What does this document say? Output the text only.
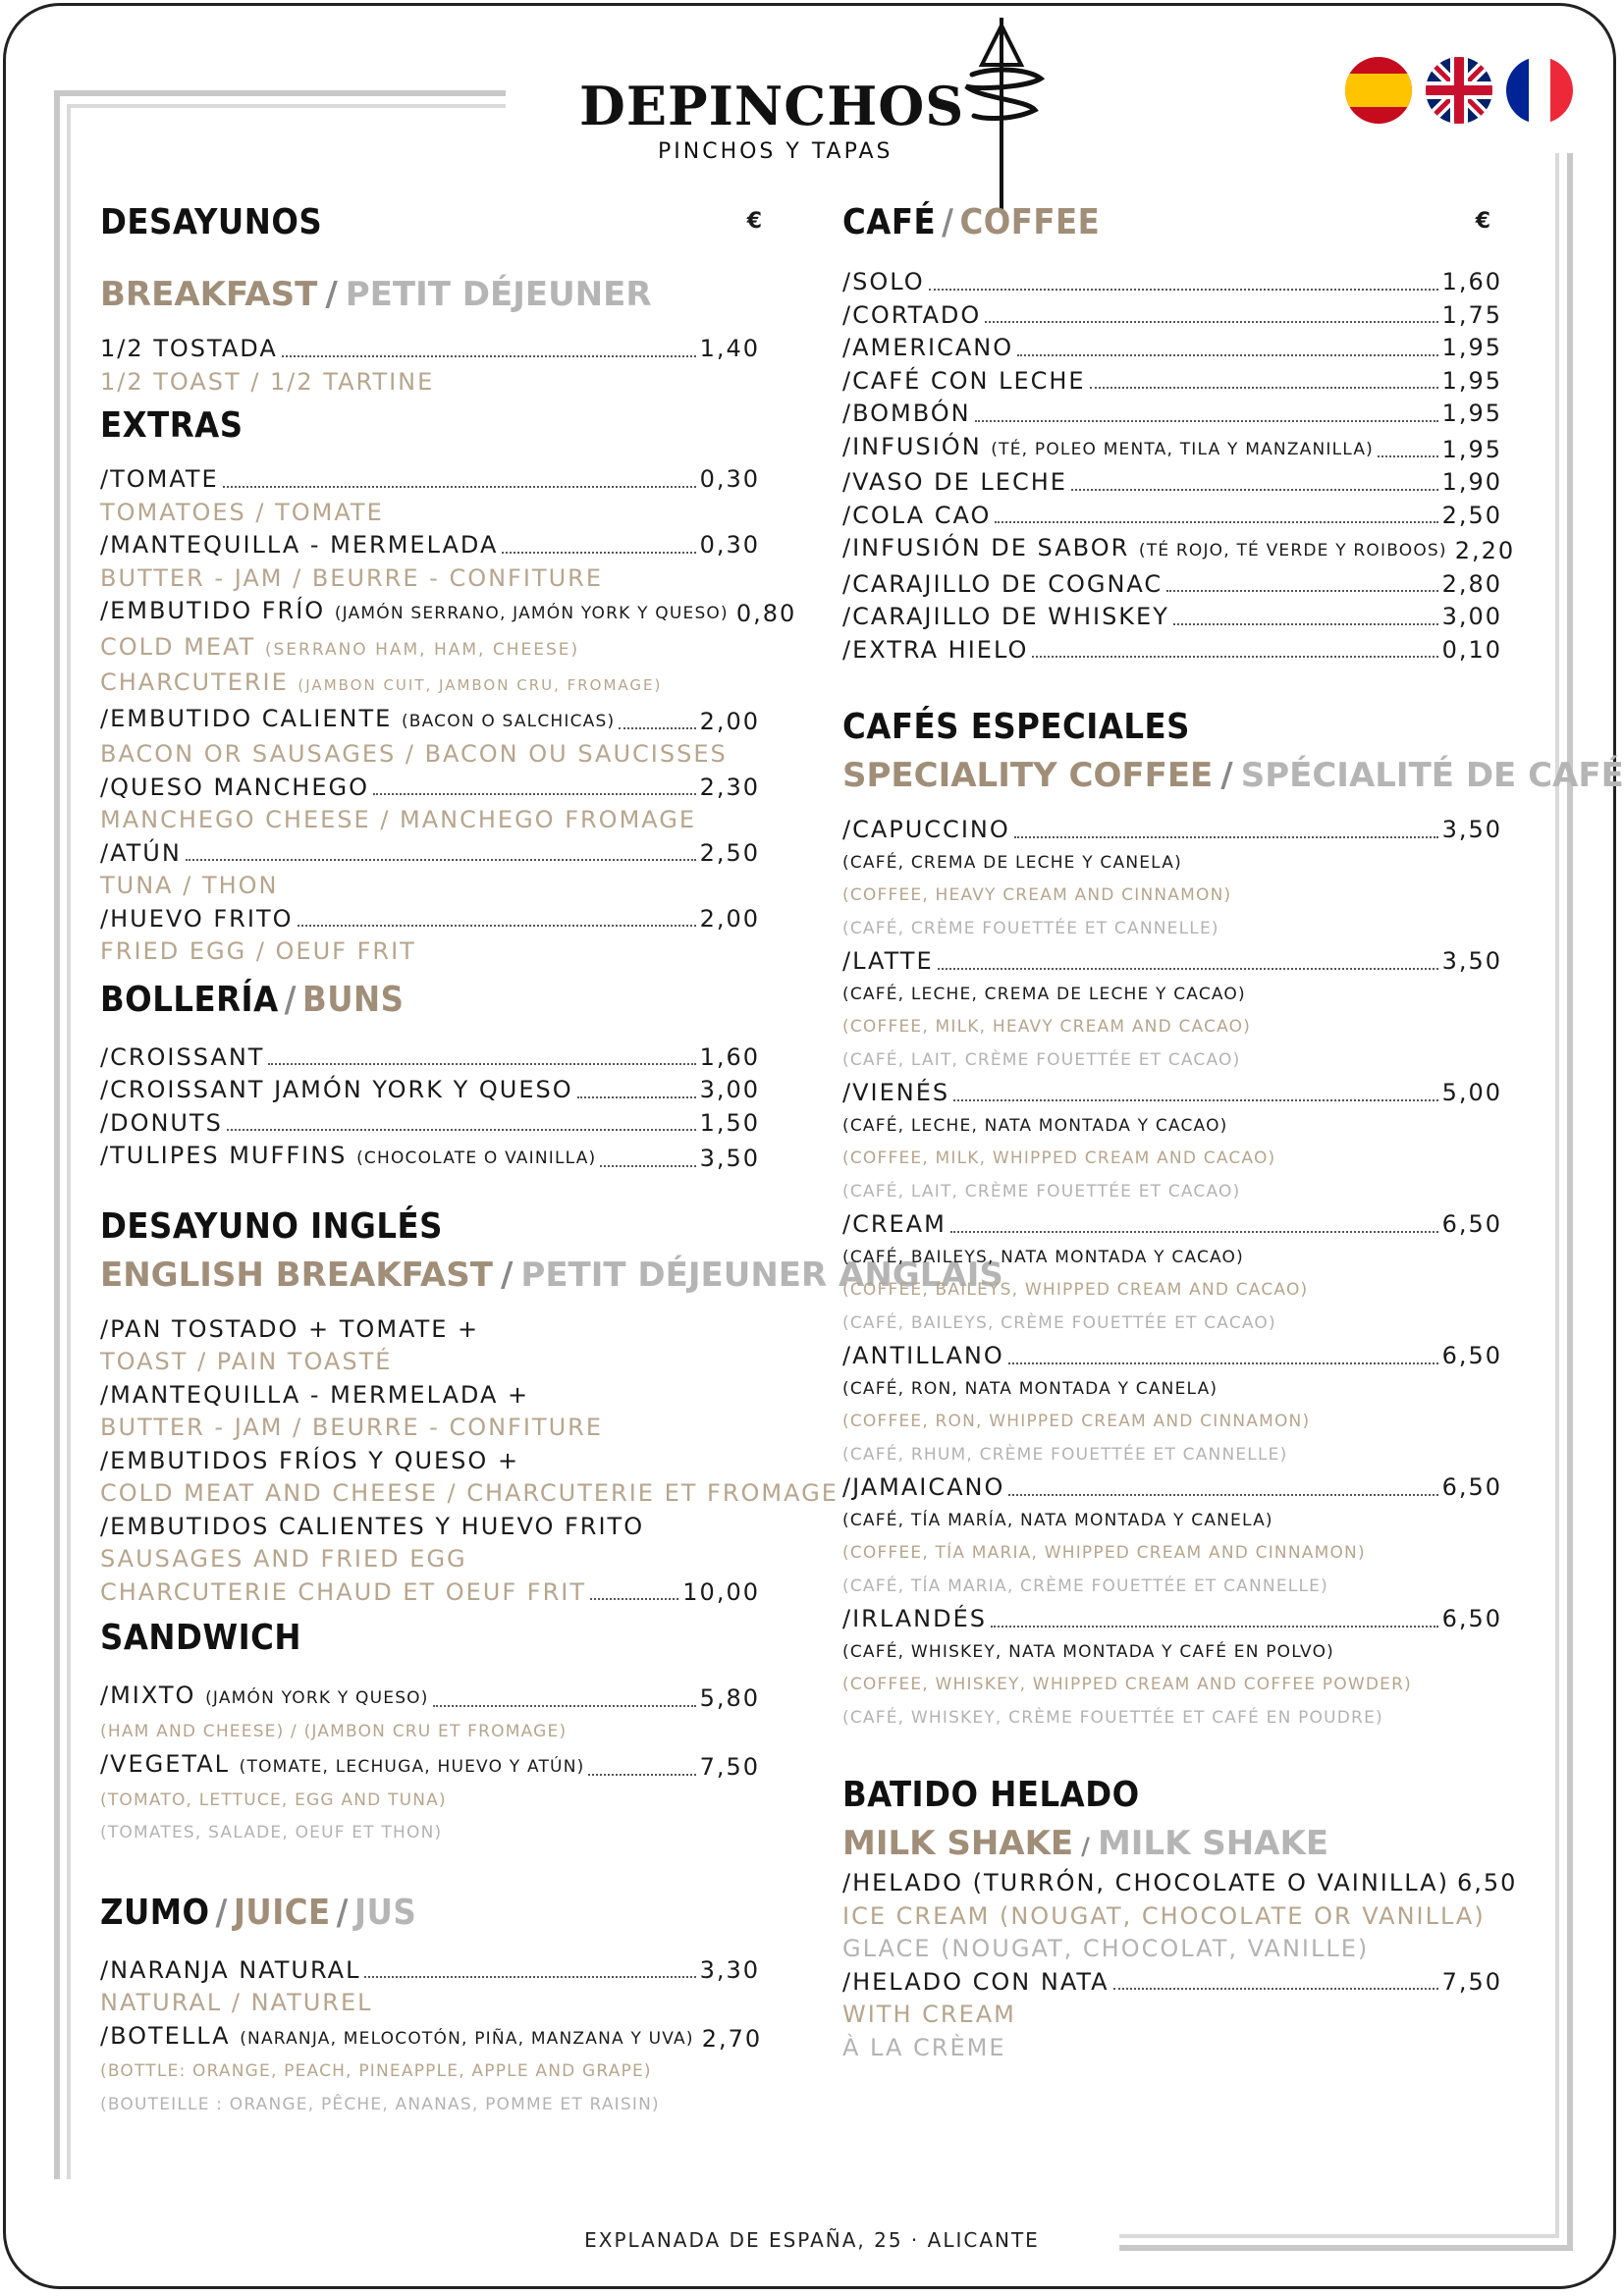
DEPINCHOS
PINCHOS Y TAPAS
DESAYUNOS	€
BREAKFAST / PETIT DÉJEUNER
1/2 TOSTADA	1,40
1/2 TOAST / 1/2 TARTINE
EXTRAS
/TOMATE	0,30
TOMATOES / TOMATE
/MANTEQUILLA - MERMELADA	0,30
BUTTER - JAM / BEURRE - CONFITURE
/EMBUTIDO FRÍO (JAMÓN SERRANO, JAMÓN YORK Y QUESO) 0,80
COLD MEAT (SERRANO HAM, HAM, CHEESE)
CHARCUTERIE (JAMBON CUIT, JAMBON CRU, FROMAGE)
/EMBUTIDO CALIENTE (BACON O SALCHICAS)	2,00
BACON OR SAUSAGES / BACON OU SAUCISSES
/QUESO MANCHEGO	2,30
MANCHEGO CHEESE / MANCHEGO FROMAGE
/ATÚN	2,50
TUNA / THON
/HUEVO FRITO	2,00
FRIED EGG / OEUF FRIT
BOLLERÍA / BUNS
/CROISSANT	1,60
/CROISSANT JAMÓN YORK Y QUESO	3,00
/DONUTS	1,50
/TULIPES MUFFINS (CHOCOLATE O VAINILLA)	3,50
DESAYUNO INGLÉS
ENGLISH BREAKFAST / PETIT DÉJEUNER ANGLAIS
/PAN TOSTADO + TOMATE +
TOAST / PAIN TOASTÉ
/MANTEQUILLA - MERMELADA +
BUTTER - JAM / BEURRE - CONFITURE
/EMBUTIDOS FRÍOS Y QUESO +
COLD MEAT AND CHEESE / CHARCUTERIE ET FROMAGE
/EMBUTIDOS CALIENTES Y HUEVO FRITO
SAUSAGES AND FRIED EGG
CHARCUTERIE CHAUD ET OEUF FRIT	10,00
SANDWICH
/MIXTO (JAMÓN YORK Y QUESO)	5,80
(HAM AND CHEESE) / (JAMBON CRU ET FROMAGE)
/VEGETAL (TOMATE, LECHUGA, HUEVO Y ATÚN)	7,50
(TOMATO, LETTUCE, EGG AND TUNA)
(TOMATES, SALADE, OEUF ET THON)
ZUMO / JUICE / JUS
/NARANJA NATURAL	3,30
NATURAL / NATUREL
/BOTELLA (NARANJA, MELOCOTÓN, PIÑA, MANZANA Y UVA) 2,70
(BOTTLE: ORANGE, PEACH, PINEAPPLE, APPLE AND GRAPE)
(BOUTEILLE : ORANGE, PÊCHE, ANANAS, POMME ET RAISIN)
CAFÉ / COFFEE	€
/SOLO	1,60
/CORTADO	1,75
/AMERICANO	1,95
/CAFÉ CON LECHE	1,95
/BOMBÓN	1,95
/INFUSIÓN (TÉ, POLEO MENTA, TILA Y MANZANILLA)	1,95
/VASO DE LECHE	1,90
/COLA CAO	2,50
/INFUSIÓN DE SABOR (TÉ ROJO, TÉ VERDE Y ROIBOOS) 2,20
/CARAJILLO DE COGNAC	2,80
/CARAJILLO DE WHISKEY	3,00
/EXTRA HIELO	0,10
CAFÉS ESPECIALES
SPECIALITY COFFEE / SPÉCIALITÉ DE CAFÉ
/CAPUCCINO	3,50
(CAFÉ, CREMA DE LECHE Y CANELA)
(COFFEE, HEAVY CREAM AND CINNAMON)
(CAFÉ, CRÈME FOUETTÉE ET CANNELLE)
/LATTE	3,50
(CAFÉ, LECHE, CREMA DE LECHE Y CACAO)
(COFFEE, MILK, HEAVY CREAM AND CACAO)
(CAFÉ, LAIT, CRÈME FOUETTÉE ET CACAO)
/VIENÉS	5,00
(CAFÉ, LECHE, NATA MONTADA Y CACAO)
(COFFEE, MILK, WHIPPED CREAM AND CACAO)
(CAFÉ, LAIT, CRÈME FOUETTÉE ET CACAO)
/CREAM	6,50
(CAFÉ, BAILEYS, NATA MONTADA Y CACAO)
(COFFEE, BAILEYS, WHIPPED CREAM AND CACAO)
(CAFÉ, BAILEYS, CRÈME FOUETTÉE ET CACAO)
/ANTILLANO	6,50
(CAFÉ, RON, NATA MONTADA Y CANELA)
(COFFEE, RON, WHIPPED CREAM AND CINNAMON)
(CAFÉ, RHUM, CRÈME FOUETTÉE ET CANNELLE)
/JAMAICANO	6,50
(CAFÉ, TÍA MARÍA, NATA MONTADA Y CANELA)
(COFFEE, TÍA MARIA, WHIPPED CREAM AND CINNAMON)
(CAFÉ, TÍA MARIA, CRÈME FOUETTÉE ET CANNELLE)
/IRLANDÉS	6,50
(CAFÉ, WHISKEY, NATA MONTADA Y CAFÉ EN POLVO)
(COFFEE, WHISKEY, WHIPPED CREAM AND COFFEE POWDER)
(CAFÉ, WHISKEY, CRÈME FOUETTÉE ET CAFÉ EN POUDRE)
BATIDO HELADO
MILK SHAKE / MILK SHAKE
/HELADO (TURRÓN, CHOCOLATE O VAINILLA) 6,50
ICE CREAM (NOUGAT, CHOCOLATE OR VANILLA)
GLACE (NOUGAT, CHOCOLAT, VANILLE)
/HELADO CON NATA	7,50
WITH CREAM
À LA CRÈME
EXPLANADA DE ESPAÑA, 25 · ALICANTE
